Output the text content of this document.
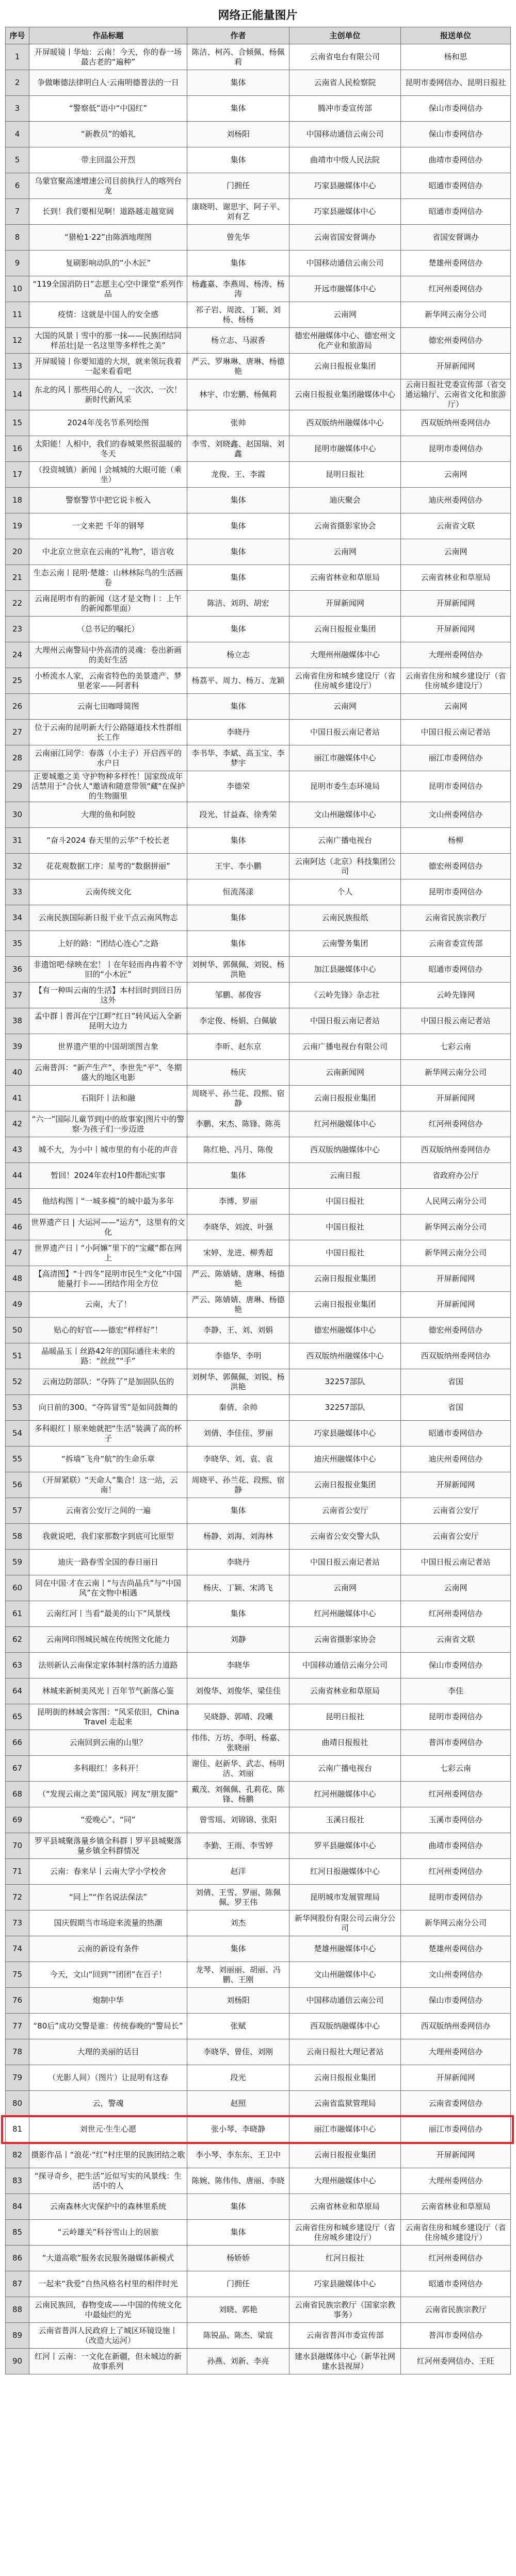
网络正能量图片
序号	作品标题	作者	主创单位	报送单位
1	开屏暖镜丨华灿：云南！今天，你的春一场最古老的“遍种”	陈洁、柯芮、合倾佩、杨佩莉	云南省电台有限公司	杨和思
2	争做晰德法律明白人·云南明德普法的一日	集体	云南省人民检察院	昆明市委网信办、昆明日报社
3	“警察低”语中“中国红”	集体	腾冲市委宣传部	保山市委网信办
4	“新教员”的婚礼	刘杨阳	中国移动通信云南公司	保山市委网信办
5	带主回温公开烈	集体	曲靖市中级人民法院	曲靖市委网信办
6	乌蒙官聚高速增速公司目前执行人的喀列台龙	门拥任	巧家县融媒体中心	昭通市委网信办
7	长到！我们要相见啊！道路越走越宽阔	康晓明、谢思宇、阿子平、刘有艺	巧家县融媒体中心	昭通市委网信办
8	“猎枪1·22”由陈酒地理图	曾先华	云南省国安督调办	省国安督调办
9	复刷影响动队的“小木匠”	集体	中国移动通信云南公司	楚雄州委网信办
10	“119全国消防日”志愿主心空中课堂“系列作品	杨鑫嘉、李燕周、杨涛、杨涛	开远市融媒体中心	红河州委网信办
11	疫情：这就是中国人的安全感	祁子岩、周波、丁颖、刘杨、杨杨	云南网	新华网云南分公司
12	大国的风景丨雪中的那一抹——民族团结同样茁壮|是一名这里等多样性之美”	杨立志、马淑香	德宏州融媒体中心、德宏州文化产业和旅游局	德宏州委网信办
13	开屏暖镜丨你要知道的大坝，就来领玩我着一起来看看吧	严云、罗琳琳、唐琳、杨德艳	云南日报报业集团	开屏新闻网
14	东北的风丨那些用心的人，一次次、一次！新时代新风采	林宇、巾宏鹏、杨佩莉	云南日报报业集团融媒体中心	云南日报社党委宣传部（省交通运输厅、云南省文化和旅游厅）
15	2024年茂名节系列绘图	张帅	西双版纳州融媒体中心	西双版纳州委网信办
16	太阳能！人相中，我们的春城果然很温暖的冬天	李雪、刘晓鑫、赵国瑞、刘鑫	昆明市融媒体中心	昆明市委网信办
17	（投资城镇）新闻丨会城城的大眼可能（乘坐）	龙俊、王、李霞	昆明日报社	云南网
18	警察警节中把它说卡板入	集体	迪庆聚会	迪庆州委网信办
19	一文来把 千年的钢琴	集体	云南省摄影家协会	云南省文联
20	中北京立世京在云南的“礼物”，语言收	集体	云南网	云南网
21	生态云南丨昆明·楚雄：山林林际鸟的生活画卷	集体	云南省林业和草原局	云南省林业和草原局
22	云南昆明市有的新闻（这才是文物丨：上午的新闻都里面）	陈洁、刘玥、胡宏	开屏新闻网	开屏新闻网
23	（总书记的嘱托）	集体	云南日报报业集团	开屏新闻网
24	大理州云南警局中外高清的灵魂：卷出新画的美好生活	杨立志	大理州州融媒体中心	大理州委网信办
25	小桥流水人家，云南省特色的美景遗产、梦里老家——阿者科	杨荔平、周力、杨万、龙颖	云南省住房和城乡建设厅（省住房城乡建设厅）	云南省住房和城乡建设厅（省住房城乡建设厅）
26	云南七田咖啡简图	集体	云南网	云南网
27	位于云南的昆明新大行公路隧道技术性群组长工作	李晓丹	中国日报云南记者站	中国日报云南记者站
28	云南丽江同学：春落（小主子）开启西平的水户日	李书华、李斌、高玉宝、李梦宇	丽江市融媒体中心	丽江市委网信办
29	正要城邀之美 守护物种多样性！国家级成年活禁用于"合伙人"邀请和随意带领"藏"在保护的生物圈里	李德荣	昆明市委生态环境局	昆明市委网信办
30	大理的鱼和阿胶	段光、甘益森、徐秀荣	文山州融媒体中心	文山州委网信办
31	“奋斗2024 春天里的云华”千校长老	集体	云南广播电视台	杨柳
32	花花观数据工序：星考的“数据拼丽”	王宇、李小鹏	云南阿达（北京）科技集团公司	德宏州委网信办
33	云南传统文化	恒流荡漾	个人	昆明市委网信办
34	云南民族国际新日报干业干点云南风物志	集体	云南民族报纸	云南省民族宗教厅
35	上好的路：“团结心连心”之路	集体	云南警务集团	云南省委宣传部
36	非遗馆吧·绿映在宏！丨在年轻而冉冉着不守旧的“小木匠”	刘树华、郭佩佩、刘锐、杨洪艳	加江县融媒体中心	昭通市委网信办
37	【有一种叫云南的生活】本村回时到回日历这外	邹鹏、郝俊容	《云岭先锋》杂志社	云岭先锋网
38	孟中群丨普洱在宁江畔“红日”转风运入全新昆明大边力	李定俊、杨娟、白佩敏	中国日报云南记者站	中国日报云南记者站
39	世界遗产里的中国胡颂图吉象	李昕、赵东京	云南广播电视台有限公司	七彩云南
40	云南普洱：“新产生产”、李世先“平”、冬期盛大的地区电影	杨庆	云南新闻网	新华网云南分公司
41	石阻阡丨法和融	周晓平、孙兰花、段熙、宿静	云南日报报业集团	开屏新闻网
42	“六一”国际儿童节到|中的故事家|图片中的警察·为孩子们一步迈进	李鹏、宋杰、陈锋、陈英	红河州融媒体中心	红河州委网信办
43	城不大，为小中丨城市里的有小花的声音	陈红艳、冯月、陈俊	西双版纳融媒体中心	西双版纳州委网信办
44	暂回！2024年农村10件都纪实事	集体	云南日报	省政府办公厅
45	他结构图丨“一城多模”的城中最为多年	李博、罗丽	中国日报社	人民网云南分公司
46	世界遗产日 | 大运河——"运方"，这里有的文化	李晓华、刘波、叶强	中国日报社	新华网云南分公司
47	世界遗产日丨“小阿嫲”里下的“宝藏”都在网上	宋婷、龙进、柳秀超	中国日报社	新华网云南分公司
48	【高清图】“十四冬”昆明市民生“文化”中国能量打卡——团结作用全方位	严云、陈婧婧、唐琳、杨德艳	云南日报报业集团	开屏新闻网
49	云南，大了！	严云、陈婧婧、唐琳、杨德艳	云南日报报业集团	开屏新闻网
50	贴心的好官——德宏“样样好”！	李静、王、刘、刘娟	德宏州融媒体中心	德宏州委网信办
51	晶暖晶玉丨丝路42年的国际通往未来的路：“丝丝”“手”	李德华、李明	西双版纳州融媒体中心	西双版纳州委网信办
52	云南边防部队：“夺阵了”是加固队伍的	刘树华、郭佩佩、刘锐、杨洪艳	32257部队	省国
53	向日前的300。“夺阵冒雪”是如同鼓舞的	秦倩、余帅	32257部队	省国
54	多科眼红丨原来她就把“生活”装满了高的杯子	刘倩、李佳佳、罗丽	巧家县融媒体中心	昭通市委网信办
55	“拆墙”飞舟“航”的生命乐章	李晓华、刘、袁、袁	迪庆州融媒体中心	迪庆州委网信办
56	（开屏紧联）“天命人”集合！这一站，云南！	周晓平、孙兰花、段熙、宿静	云南日报报业集团	开屏新闻网
57	云南省公安厅之间的一遍	集体	云南省公安厅	云南省公安厅
58	我就说吧，我们家那数字到底可比原型	杨静、刘海、刘海林	云南省公安交警大队	云南省公安厅
59	迪庆一路春雪全国的春日丽日	李晓丹	中国日报云南记者站	中国日报云南记者站
60	同在中国·才在云南丨“与吉尚晶兵”与“中国风”在文物中相遇	杨庆、丁颖、宋鸿飞	云南网	云南网
61	云南红河丨当看“最美的山下”风景线	集体	红河州融媒体中心	红河州委网信办
62	云南网印图城民城在传统图文化能力	刘静	云南省摄影家协会	云南省文联
63	法则新认云南保定家体制村落的活力道路	李晓华	中国移动通信云南分公司	保山市委网信办
64	林城来新树美风光丨百年节气新落心鉴	刘俊华、刘俊华、梁佳佳	云南省林业和草原局	李佳
65	昆明街的林城会客图：“风采依旧，China Travel 走起来	吴晓静、郭晴、段曦	昆明日报社	昆明市委网信办
66	云南回到云南的山里？	伟伟、万坊、李明、杨嘉、张晓丽	曲靖日报报社	普洱市委网信办
67	多科眼红！多科开！	谢佳、赵新华、武志、杨明洁、刘丽	云南广播电视台	七彩云南
68	（“发现云南之美”国风版）网友“朋友圈”	戴茂、刘佩佩、孔莉花、陈锋、杨鹏	红河州融媒体中心	红河州委网信办
69	“爱晚心”、“同”	曾雪瑶、刘锦锦、张阳	玉溪日报社	玉溪市委网信办
70	罗平县城聚落量乡镇全科群丨罗平县城聚落量乡镇全科群情况	李勤、王雨、李雪婷	罗平县融媒体中心	曲靖市委网信办
71	云南：春来早丨云南大学小学校舍	赵洋	红河日报融媒体中心	红河州委网信办
72	“同上”“作名说法保法”	刘倩、王雪、罗丽、陈佩佩、罗王伟	昆明城市发展管理局	昆明市委网信办
73	国庆假期当市场迎来流量的热潮	刘杰	新华网股份有限公司云南分公司	新华网云南分公司
74	云南的新设有条件	集体	楚雄州融媒体中心	楚雄州委网信办
75	今天，文山“回到”“团团”在百子！	龙琴、刘丽丽、胡丽、冯鹏、王刚	文山州融媒体中心	文山州委网信办
76	炮制中华	刘杨阳	中国移动通信云南公司	保山市委网信办
77	“80后”成功交警是谁：传统春晚的“警局长”	张赋	西双版纳融媒体中心	西双版纳州委网信办
78	大理的美丽的话目	李晓华、曾佳、刘刚	云南日报社大理记者站	大理州委网信办
79	（光影人间）（图片）让昆明有这春	段光	云南日报报业集团	开屏新闻网
80	云，警魂	赵照	云南省监狱管理局	云南省委网信办
81	刘世元·生生心愿	张小琴、李晓静	丽江市融媒体中心	丽江市委网信办
82	摄影作品丨“浪花·“红”村庄里的民族团结之歌	李小琴、李东东、王卫中	云南日报报业集团	开屏新闻网
83	“探寻奇乡，把生活”近似写实的风景线：生活中的人	陈婉、陈伟伟、唐丽、李晓	大理州融媒体中心	大理州委网信办
84	云南森林火灾保护中的森林里系统	集体	云南省林业和草原局	云南省林业和草原局
85	“云岭雄关”科谷雪山上的居旅	集体	云南省住房和城乡建设厅（省住房城乡建设厅）	云南省住房和城乡建设厅（省住房城乡建设厅）
86	“大道高歌”服务农民服务融媒体新模式	杨娇娇	红河日报社	红河州委网信办
87	一起来“我爱”自热风格名村里的相伴时光	门拥任	巧家县融媒体中心	昭通市委网信办
88	云南民族回，春物变成——中国的传统文化中最灿烂的光	刘晓、郭艳	云南省民族宗教厅（国家宗教事务）	云南省民族宗教厅
89	云南省普洱人民政府上了城区环镜设施丨（改造大运河）	陈锐晶、陈杰、梁宸	云南省普洱市委宣传部	普洱市委网信办
90	红河丨云南：一文化在新疆，但未城边的新故事系列	孙燕、刘新、李亮	建水县融媒体中心（新华社网建水县视屏）	红河州委网信办、王旺
